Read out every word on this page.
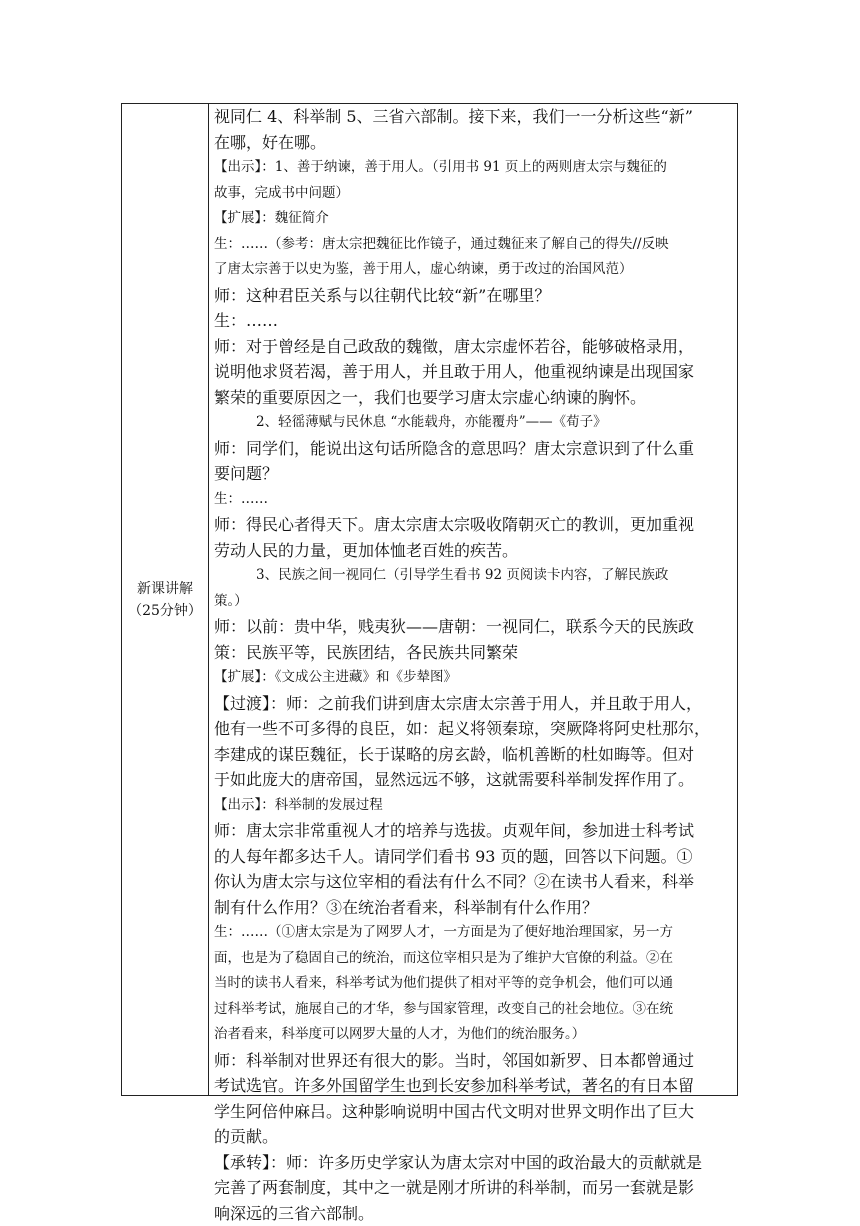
新课讲解
（25分钟）
视同仁 4、科举制 5、三省六部制。接下来，我们一一分析这些“新”
在哪，好在哪。
【出示】：1、善于纳谏，善于用人。（引用书 91 页上的两则唐太宗与魏征的
故事，完成书中问题）
【扩展】：魏征简介
生：……（参考：唐太宗把魏征比作镜子，通过魏征来了解自己的得失//反映
了唐太宗善于以史为鉴，善于用人，虚心纳谏，勇于改过的治国风范）
师：这种君臣关系与以往朝代比较“新”在哪里？
生：……
师：对于曾经是自己政敌的魏徵，唐太宗虚怀若谷，能够破格录用，
说明他求贤若渴，善于用人，并且敢于用人，他重视纳谏是出现国家
繁荣的重要原因之一，我们也要学习唐太宗虚心纳谏的胸怀。
2、轻徭薄赋与民休息 “水能载舟，亦能覆舟”——《荀子》
师：同学们，能说出这句话所隐含的意思吗？唐太宗意识到了什么重
要问题？
生：……
师：得民心者得天下。唐太宗唐太宗吸收隋朝灭亡的教训，更加重视
劳动人民的力量，更加体恤老百姓的疾苦。
3、民族之间一视同仁（引导学生看书 92 页阅读卡内容，了解民族政
策。）
师：以前：贵中华，贱夷狄——唐朝：一视同仁，联系今天的民族政
策：民族平等，民族团结，各民族共同繁荣
【扩展】：《文成公主进藏》和《步辇图》
【过渡】：师：之前我们讲到唐太宗唐太宗善于用人，并且敢于用人，
他有一些不可多得的良臣，如：起义将领秦琼，突厥降将阿史杜那尔，
李建成的谋臣魏征，长于谋略的房玄龄，临机善断的杜如晦等。但对
于如此庞大的唐帝国，显然远远不够，这就需要科举制发挥作用了。
【出示】：科举制的发展过程
师：唐太宗非常重视人才的培养与选拔。贞观年间，参加进士科考试
的人每年都多达千人。请同学们看书 93 页的题，回答以下问题。①
你认为唐太宗与这位宰相的看法有什么不同？②在读书人看来，科举
制有什么作用？③在统治者看来，科举制有什么作用？
生：……（①唐太宗是为了网罗人才，一方面是为了便好地治理国家，另一方
面，也是为了稳固自己的统治，而这位宰相只是为了维护大官僚的利益。②在
当时的读书人看来，科举考试为他们提供了相对平等的竞争机会，他们可以通
过科举考试，施展自己的才华，参与国家管理，改变自己的社会地位。③在统
治者看来，科举度可以网罗大量的人才，为他们的统治服务。）
师：科举制对世界还有很大的影。当时，邻国如新罗、日本都曾通过
考试选官。许多外国留学生也到长安参加科举考试，著名的有日本留
学生阿倍仲麻吕。这种影响说明中国古代文明对世界文明作出了巨大
的贡献。
【承转】：师：许多历史学家认为唐太宗对中国的政治最大的贡献就是
完善了两套制度，其中之一就是刚才所讲的科举制，而另一套就是影
响深远的三省六部制。
